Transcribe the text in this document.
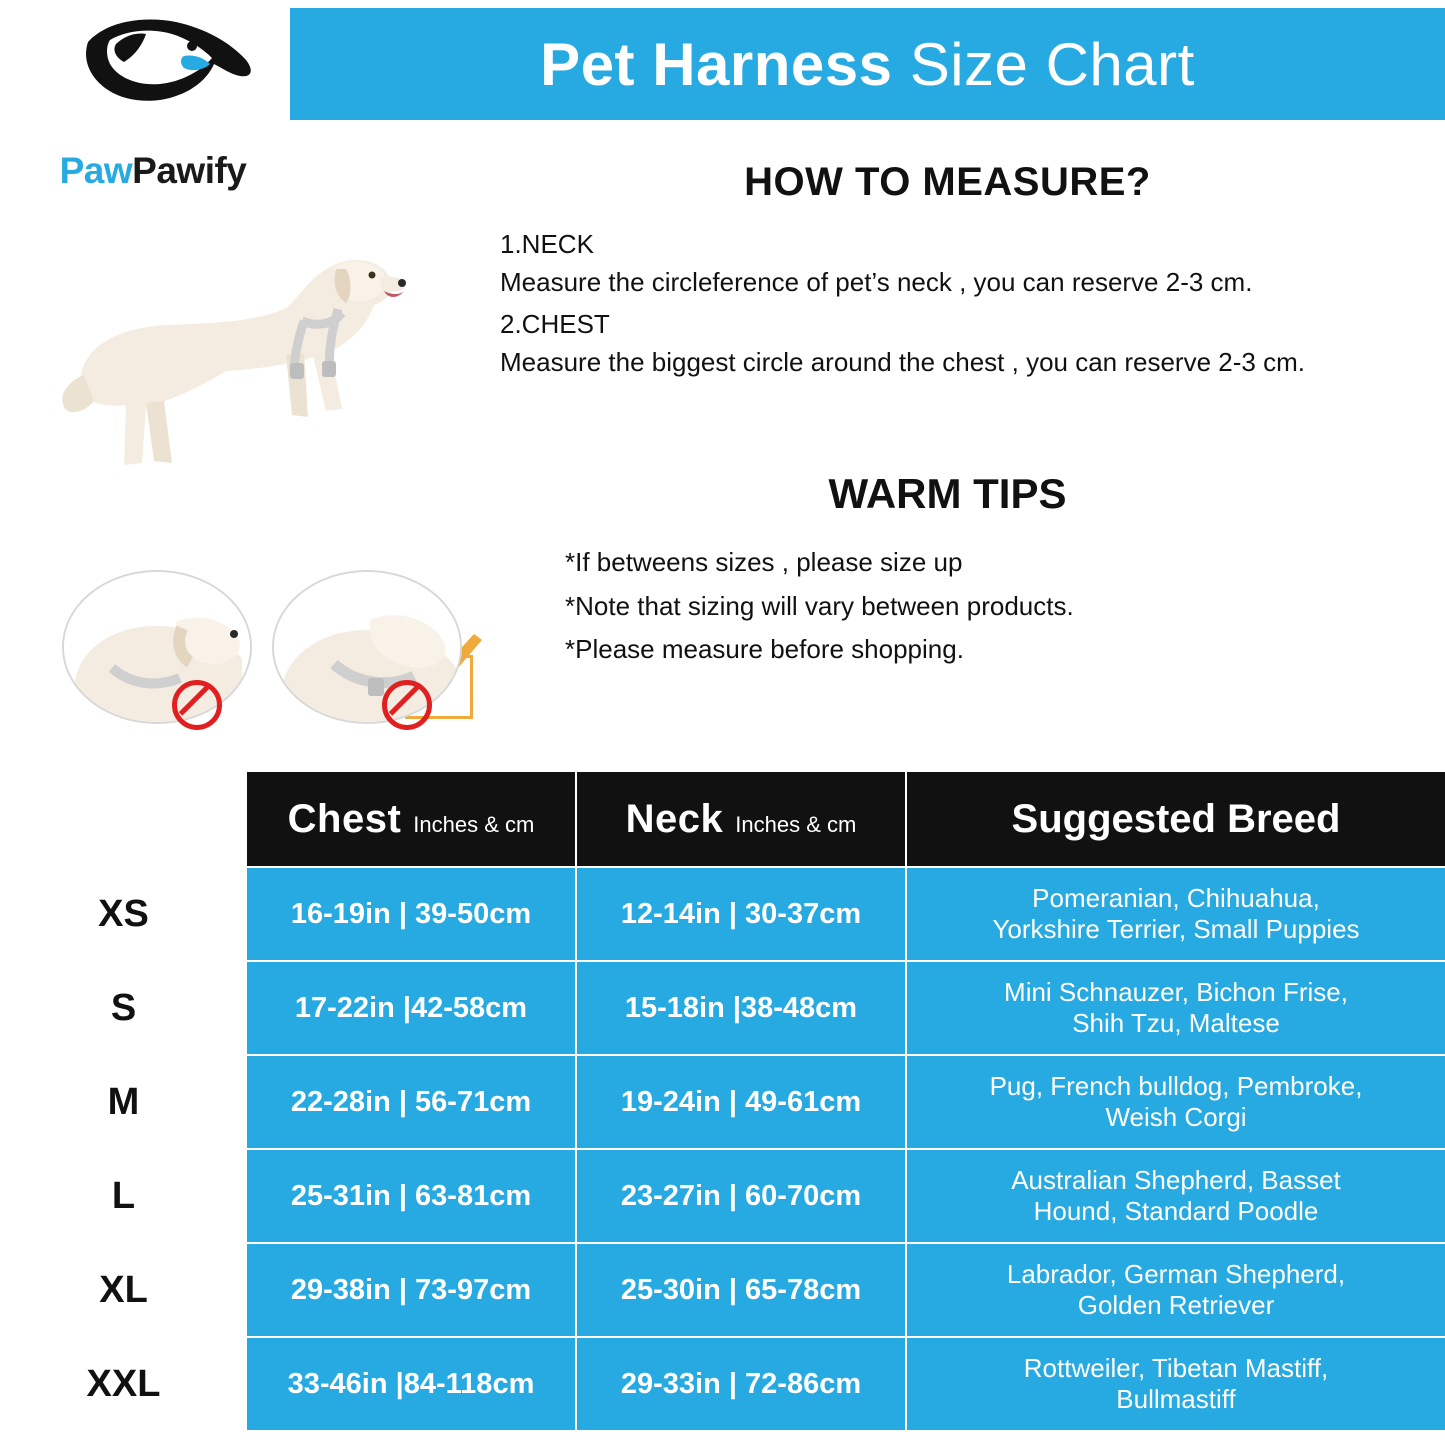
Pet Harness Size Chart
PawPawify	HOW TO MEASURE?
1.NECK
Measure the circleference of pet’s neck , you can reserve 2-3 cm.
2.CHEST
Measure the biggest circle around the chest , you can reserve 2-3 cm.
WARM TIPS
*If betweens sizes , please size up
*Note that sizing will vary between products.
*Please measure before shopping.

	Chest Inches & cm	Neck Inches & cm	Suggested Breed
XS	16-19in | 39-50cm	12-14in | 30-37cm	Pomeranian, Chihuahua,
Yorkshire Terrier, Small Puppies

S	17-22in |42-58cm	15-18in |38-48cm	Mini Schnauzer, Bichon Frise,
Shih Tzu, Maltese

M	22-28in | 56-71cm	19-24in | 49-61cm	Pug, French bulldog, Pembroke,
Weish Corgi

L	25-31in | 63-81cm	23-27in | 60-70cm	Australian Shepherd, Basset
Hound, Standard Poodle

XL	29-38in | 73-97cm	25-30in | 65-78cm	Labrador, German Shepherd,
Golden Retriever

XXL	33-46in |84-118cm	29-33in | 72-86cm	Rottweiler, Tibetan Mastiff,
Bullmastiff
